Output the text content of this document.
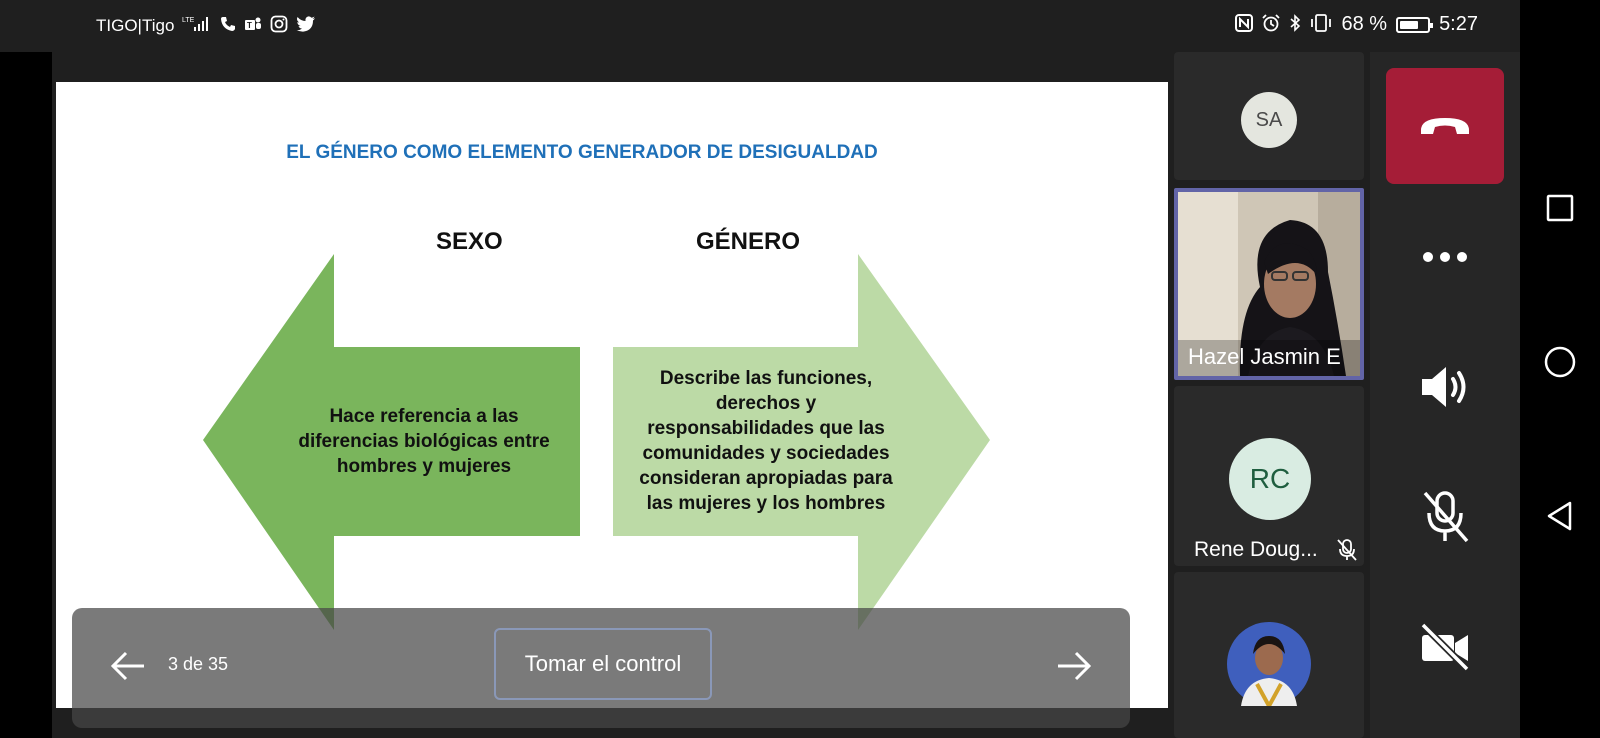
TIGO|Tigo LTE
T	68 %	5:27
EL GÉNERO COMO ELEMENTO GENERADOR DE DESIGUALDAD
SEXO	GÉNERO
Hace referencia a las
diferencias biológicas entre
hombres y mujeres
Describe las funciones,
derechos y
responsabilidades que las
comunidades y sociedades
consideran apropiadas para
las mujeres y los hombres
3 de 35	Tomar el control
SA
Hazel Jasmin E
RC
Rene Doug...
